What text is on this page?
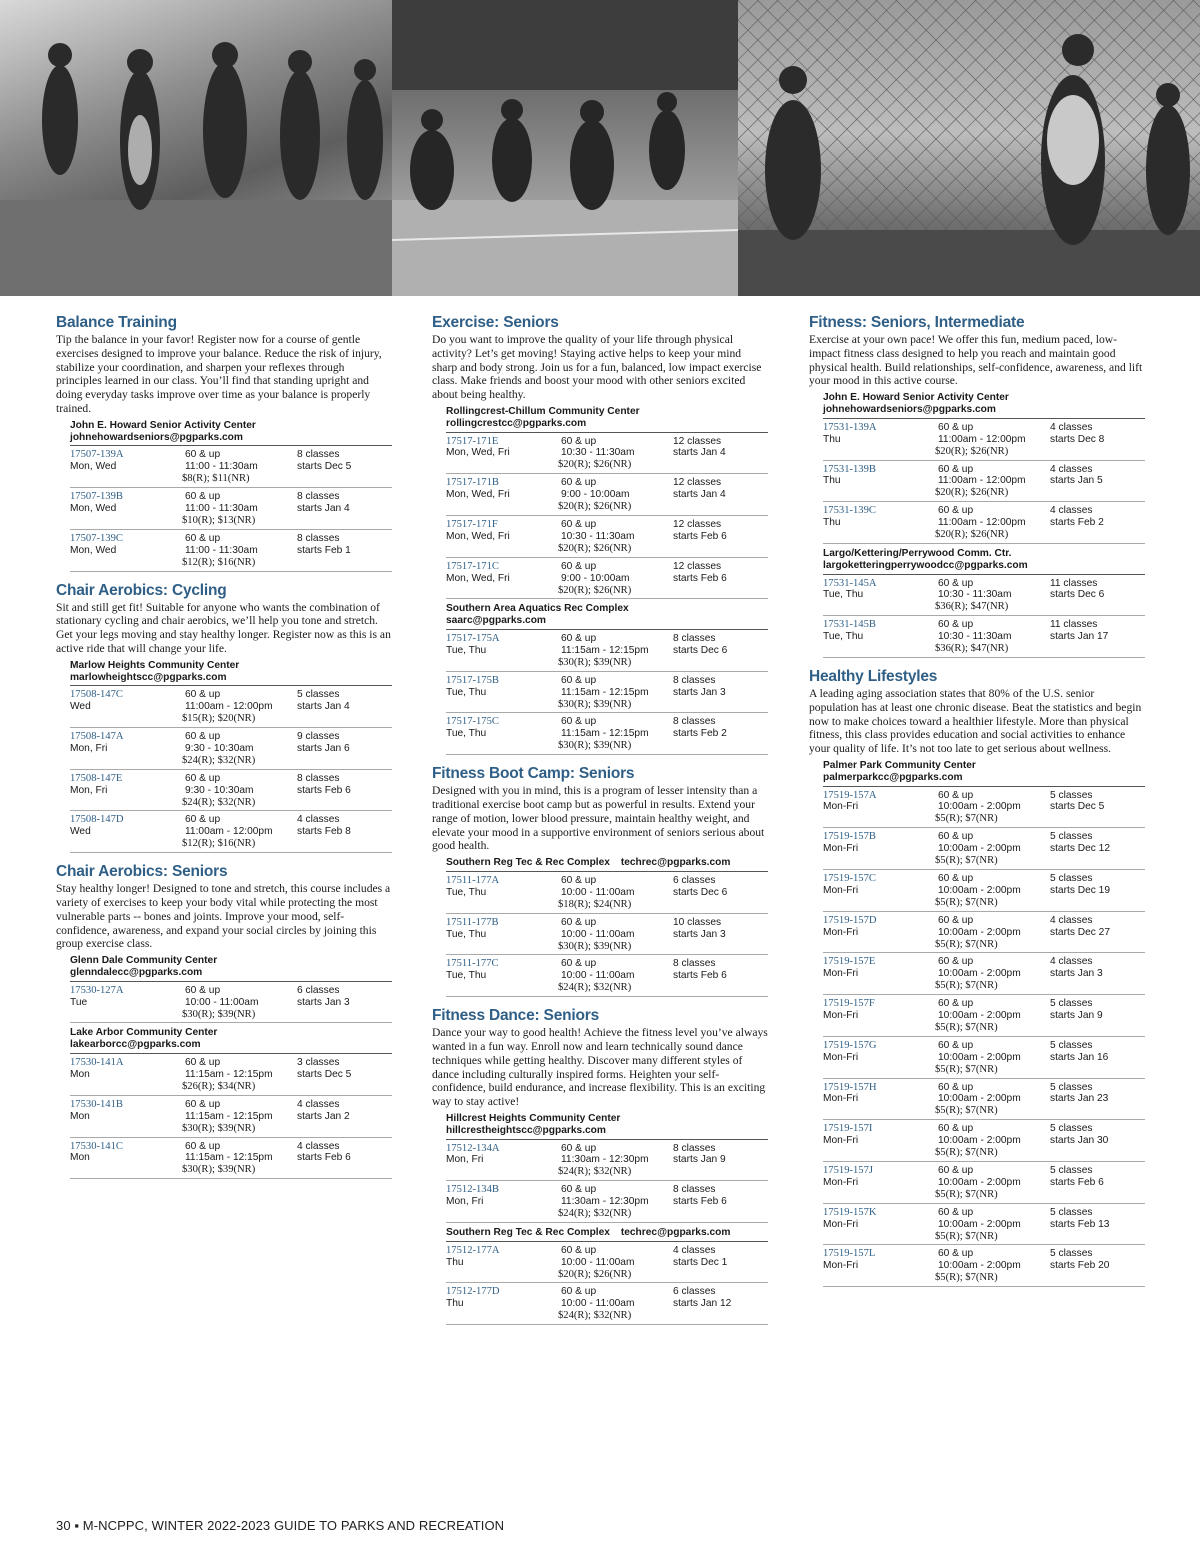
Balance Training

Tip the balance in your favor! Register now for a course of gentle exercises designed to improve your balance. Reduce the risk of injury, stabilize your coordination, and sharpen your reflexes through principles learned in our class. You’ll find that standing upright and doing everyday tasks improve over time as your balance is properly trained.

John E. Howard Senior Activity Center
johnehowardseniors@pgparks.com
17507-139A	60 & up	8 classes
Mon, Wed	11:00 - 11:30am	starts Dec 5
$8(R); $11(NR)
17507-139B	60 & up	8 classes
Mon, Wed	11:00 - 11:30am	starts Jan 4
$10(R); $13(NR)
17507-139C	60 & up	8 classes
Mon, Wed	11:00 - 11:30am	starts Feb 1
$12(R); $16(NR)
Chair Aerobics: Cycling

Sit and still get fit! Suitable for anyone who wants the combination of stationary cycling and chair aerobics, we’ll help you tone and stretch. Get your legs moving and stay healthy longer. Register now as this is an active ride that will change your life.

Marlow Heights Community Center
marlowheightscc@pgparks.com
17508-147C	60 & up	5 classes
Wed	11:00am - 12:00pm	starts Jan 4
$15(R); $20(NR)
17508-147A	60 & up	9 classes
Mon, Fri	9:30 - 10:30am	starts Jan 6
$24(R); $32(NR)
17508-147E	60 & up	8 classes
Mon, Fri	9:30 - 10:30am	starts Feb 6
$24(R); $32(NR)
17508-147D	60 & up	4 classes
Wed	11:00am - 12:00pm	starts Feb 8
$12(R); $16(NR)
Chair Aerobics: Seniors

Stay healthy longer! Designed to tone and stretch, this course includes a variety of exercises to keep your body vital while protecting the most vulnerable parts -- bones and joints. Improve your mood, self-confidence, awareness, and expand your social circles by joining this group exercise class.

Glenn Dale Community Center
glenndalecc@pgparks.com
17530-127A	60 & up	6 classes
Tue	10:00 - 11:00am	starts Jan 3
$30(R); $39(NR)
Lake Arbor Community Center
lakearborcc@pgparks.com
17530-141A	60 & up	3 classes
Mon	11:15am - 12:15pm	starts Dec 5
$26(R); $34(NR)
17530-141B	60 & up	4 classes
Mon	11:15am - 12:15pm	starts Jan 2
$30(R); $39(NR)
17530-141C	60 & up	4 classes
Mon	11:15am - 12:15pm	starts Feb 6
$30(R); $39(NR)
Exercise: Seniors

Do you want to improve the quality of your life through physical activity? Let’s get moving! Staying active helps to keep your mind sharp and body strong. Join us for a fun, balanced, low impact exercise class. Make friends and boost your mood with other seniors excited about being healthy.

Rollingcrest-Chillum Community Center
rollingcrestcc@pgparks.com
17517-171E	60 & up	12 classes
Mon, Wed, Fri	10:30 - 11:30am	starts Jan 4
$20(R); $26(NR)
17517-171B	60 & up	12 classes
Mon, Wed, Fri	9:00 - 10:00am	starts Jan 4
$20(R); $26(NR)
17517-171F	60 & up	12 classes
Mon, Wed, Fri	10:30 - 11:30am	starts Feb 6
$20(R); $26(NR)
17517-171C	60 & up	12 classes
Mon, Wed, Fri	9:00 - 10:00am	starts Feb 6
$20(R); $26(NR)
Southern Area Aquatics Rec Complex
saarc@pgparks.com
17517-175A	60 & up	8 classes
Tue, Thu	11:15am - 12:15pm	starts Dec 6
$30(R); $39(NR)
17517-175B	60 & up	8 classes
Tue, Thu	11:15am - 12:15pm	starts Jan 3
$30(R); $39(NR)
17517-175C	60 & up	8 classes
Tue, Thu	11:15am - 12:15pm	starts Feb 2
$30(R); $39(NR)
Fitness Boot Camp: Seniors

Designed with you in mind, this is a program of lesser intensity than a traditional exercise boot camp but as powerful in results. Extend your range of motion, lower blood pressure, maintain healthy weight, and elevate your mood in a supportive environment of seniors serious about good health.

Southern Reg Tec & Rec Complex techrec@pgparks.com
17511-177A	60 & up	6 classes
Tue, Thu	10:00 - 11:00am	starts Dec 6
$18(R); $24(NR)
17511-177B	60 & up	10 classes
Tue, Thu	10:00 - 11:00am	starts Jan 3
$30(R); $39(NR)
17511-177C	60 & up	8 classes
Tue, Thu	10:00 - 11:00am	starts Feb 6
$24(R); $32(NR)
Fitness Dance: Seniors

Dance your way to good health! Achieve the fitness level you’ve always wanted in a fun way. Enroll now and learn technically sound dance techniques while getting healthy. Discover many different styles of dance including culturally inspired forms. Heighten your self-confidence, build endurance, and increase flexibility. This is an exciting way to stay active!

Hillcrest Heights Community Center
hillcrestheightscc@pgparks.com
17512-134A	60 & up	8 classes
Mon, Fri	11:30am - 12:30pm	starts Jan 9
$24(R); $32(NR)
17512-134B	60 & up	8 classes
Mon, Fri	11:30am - 12:30pm	starts Feb 6
$24(R); $32(NR)
Southern Reg Tec & Rec Complex techrec@pgparks.com
17512-177A	60 & up	4 classes
Thu	10:00 - 11:00am	starts Dec 1
$20(R); $26(NR)
17512-177D	60 & up	6 classes
Thu	10:00 - 11:00am	starts Jan 12
$24(R); $32(NR)
Fitness: Seniors, Intermediate

Exercise at your own pace! We offer this fun, medium paced, low-impact fitness class designed to help you reach and maintain good physical health. Build relationships, self-confidence, awareness, and lift your mood in this active course.

John E. Howard Senior Activity Center
johnehowardseniors@pgparks.com
17531-139A	60 & up	4 classes
Thu	11:00am - 12:00pm	starts Dec 8
$20(R); $26(NR)
17531-139B	60 & up	4 classes
Thu	11:00am - 12:00pm	starts Jan 5
$20(R); $26(NR)
17531-139C	60 & up	4 classes
Thu	11:00am - 12:00pm	starts Feb 2
$20(R); $26(NR)
Largo/Kettering/Perrywood Comm. Ctr.
largoketteringperrywoodcc@pgparks.com
17531-145A	60 & up	11 classes
Tue, Thu	10:30 - 11:30am	starts Dec 6
$36(R); $47(NR)
17531-145B	60 & up	11 classes
Tue, Thu	10:30 - 11:30am	starts Jan 17
$36(R); $47(NR)
Healthy Lifestyles

A leading aging association states that 80% of the U.S. senior population has at least one chronic disease. Beat the statistics and begin now to make choices toward a healthier lifestyle. More than physical fitness, this class provides education and social activities to enhance your quality of life. It’s not too late to get serious about wellness.

Palmer Park Community Center
palmerparkcc@pgparks.com
17519-157A	60 & up	5 classes
Mon-Fri	10:00am - 2:00pm	starts Dec 5
$5(R); $7(NR)
17519-157B	60 & up	5 classes
Mon-Fri	10:00am - 2:00pm	starts Dec 12
$5(R); $7(NR)
17519-157C	60 & up	5 classes
Mon-Fri	10:00am - 2:00pm	starts Dec 19
$5(R); $7(NR)
17519-157D	60 & up	4 classes
Mon-Fri	10:00am - 2:00pm	starts Dec 27
$5(R); $7(NR)
17519-157E	60 & up	4 classes
Mon-Fri	10:00am - 2:00pm	starts Jan 3
$5(R); $7(NR)
17519-157F	60 & up	5 classes
Mon-Fri	10:00am - 2:00pm	starts Jan 9
$5(R); $7(NR)
17519-157G	60 & up	5 classes
Mon-Fri	10:00am - 2:00pm	starts Jan 16
$5(R); $7(NR)
17519-157H	60 & up	5 classes
Mon-Fri	10:00am - 2:00pm	starts Jan 23
$5(R); $7(NR)
17519-157I	60 & up	5 classes
Mon-Fri	10:00am - 2:00pm	starts Jan 30
$5(R); $7(NR)
17519-157J	60 & up	5 classes
Mon-Fri	10:00am - 2:00pm	starts Feb 6
$5(R); $7(NR)
17519-157K	60 & up	5 classes
Mon-Fri	10:00am - 2:00pm	starts Feb 13
$5(R); $7(NR)
17519-157L	60 & up	5 classes
Mon-Fri	10:00am - 2:00pm	starts Feb 20
$5(R); $7(NR)
30 ▪ M-NCPPC, WINTER 2022-2023 GUIDE TO PARKS AND RECREATION
